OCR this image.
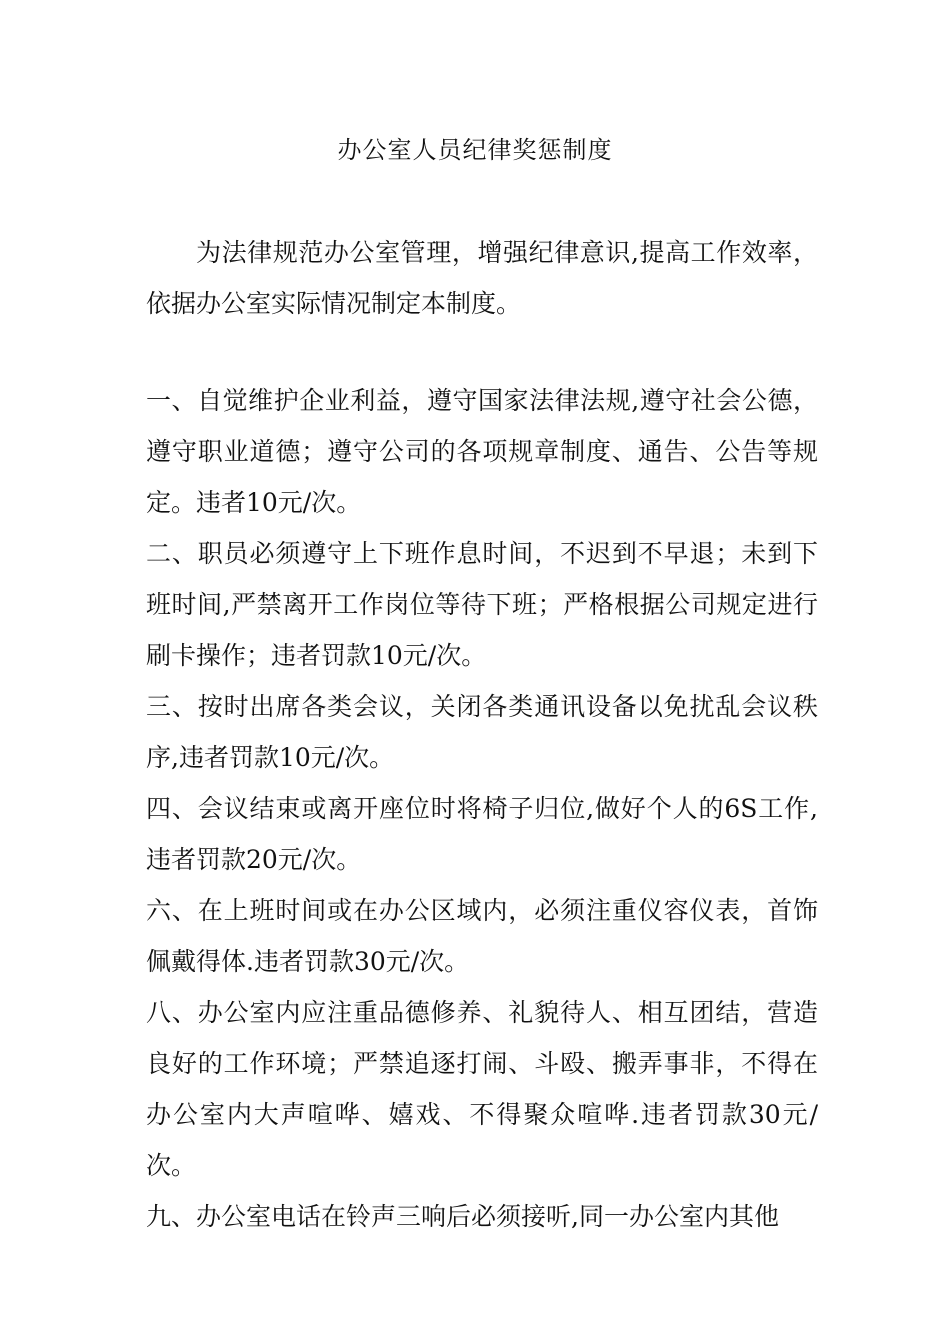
办公室人员纪律奖惩制度

为法律规范办公室管理，增强纪律意识,提高工作效率，依据办公室实际情况制定本制度。

一、自觉维护企业利益，遵守国家法律法规,遵守社会公德，遵守职业道德；遵守公司的各项规章制度、通告、公告等规定。违者10元/次。

二、职员必须遵守上下班作息时间，不迟到不早退；未到下班时间,严禁离开工作岗位等待下班；严格根据公司规定进行刷卡操作；违者罚款10元/次。

三、按时出席各类会议，关闭各类通讯设备以免扰乱会议秩序,违者罚款10元/次。

四、会议结束或离开座位时将椅子归位,做好个人的6S工作,违者罚款20元/次。

六、在上班时间或在办公区域内，必须注重仪容仪表，首饰佩戴得体.违者罚款30元/次。

八、办公室内应注重品德修养、礼貌待人、相互团结，营造良好的工作环境；严禁追逐打闹、斗殴、搬弄事非，不得在办公室内大声喧哗、嬉戏、不得聚众喧哗.违者罚款30元/次。

九、办公室电话在铃声三响后必须接听,同一办公室内其他
